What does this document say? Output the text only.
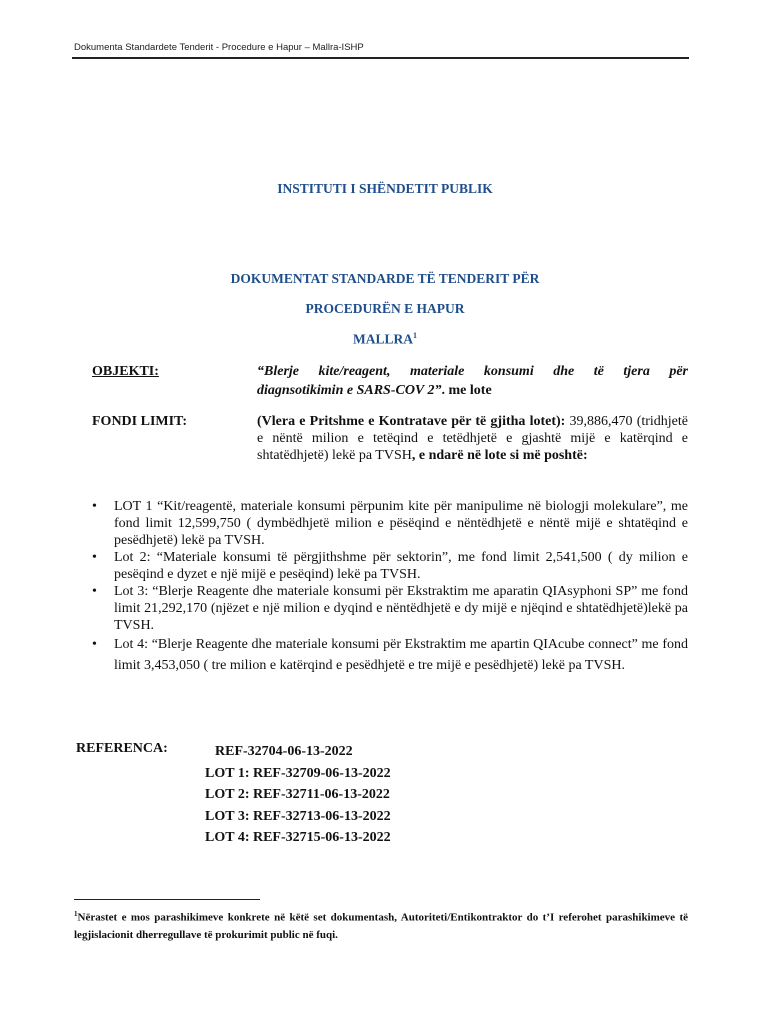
Dokumenta Standardete Tenderit - Procedure e Hapur – Mallra-ISHP
INSTITUTI I SHËNDETIT PUBLIK
DOKUMENTAT STANDARDE TË TENDERIT PËR
PROCEDURËN E HAPUR
MALLRA$^1$
OBJEKTI:	“Blerje kite/reagent, materiale konsumi dhe të tjera për
diagnsotikimin e SARS-COV 2”. me lote
FONDI LIMIT:	(Vlera e Pritshme e Kontratave për të gjitha lotet): 39,886,470 (tridhjetë e nëntë milion e tetëqind e tetëdhjetë e gjashtë mijë e katërqind e shtatëdhjetë) lekë pa TVSH, e ndarë në lote si më poshtë:
• LOT 1 “Kit/reagentë, materiale konsumi përpunim kite për manipulime në biologji molekulare”, me fond limit 12,599,750 ( dymbëdhjetë milion e pësëqind e nëntëdhjetë e nëntë mijë e shtatëqind e pesëdhjetë) lekë pa TVSH.
• Lot 2: “Materiale konsumi të përgjithshme për sektorin”, me fond limit 2,541,500 ( dy milion e pesëqind e dyzet e një mijë e pesëqind) lekë pa TVSH.
• Lot 3: “Blerje Reagente dhe materiale konsumi për Ekstraktim me aparatin QIAsyphoni SP” me fond limit 21,292,170 (njëzet e një milion e dyqind e nëntëdhjetë e dy mijë e njëqind e shtatëdhjetë)lekë pa TVSH.
• Lot 4: “Blerje Reagente dhe materiale konsumi për Ekstraktim me apartin QIAcube connect” me fond limit 3,453,050 ( tre milion e katërqind e pesëdhjetë e tre mijë e pesëdhjetë) lekë pa TVSH.
REFERENCA:	REF-32704-06-13-2022
LOT 1: REF-32709-06-13-2022
LOT 2: REF-32711-06-13-2022
LOT 3: REF-32713-06-13-2022
LOT 4: REF-32715-06-13-2022
$^1$Nërastet e mos parashikimeve konkrete në këtë set dokumentash, Autoriteti/Entikontraktor do t’I referohet parashikimeve të legjislacionit dherregullave të prokurimit public në fuqi.
